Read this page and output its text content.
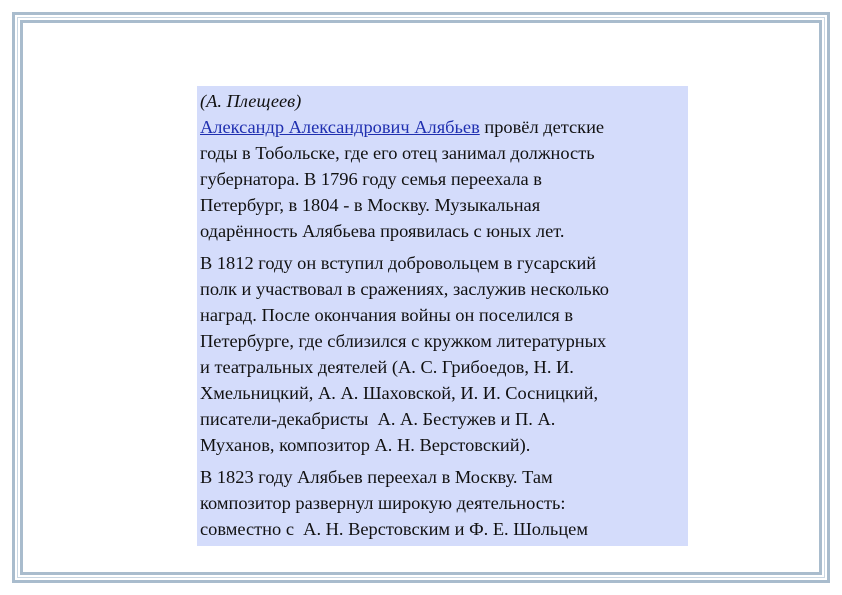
(А. Плещеев)

Александр Александрович Алябьев провёл детские
годы в Тобольске, где его отец занимал должность
губернатора. В 1796 году семья переехала в
Петербург, в 1804 - в Москву. Музыкальная
одарённость Алябьева проявилась с юных лет.

В 1812 году он вступил добровольцем в гусарский
полк и участвовал в сражениях, заслужив несколько
наград. После окончания войны он поселился в
Петербурге, где сблизился с кружком литературных
и театральных деятелей (А. С. Грибоедов, Н. И.
Хмельницкий, А. А. Шаховской, И. И. Сосницкий,
писатели-декабристы  А. А. Бестужев и П. А.
Муханов, композитор А. Н. Верстовский).

В 1823 году Алябьев переехал в Москву. Там
композитор развернул широкую деятельность:
совместно с  А. Н. Верстовским и Ф. Е. Шольцем
